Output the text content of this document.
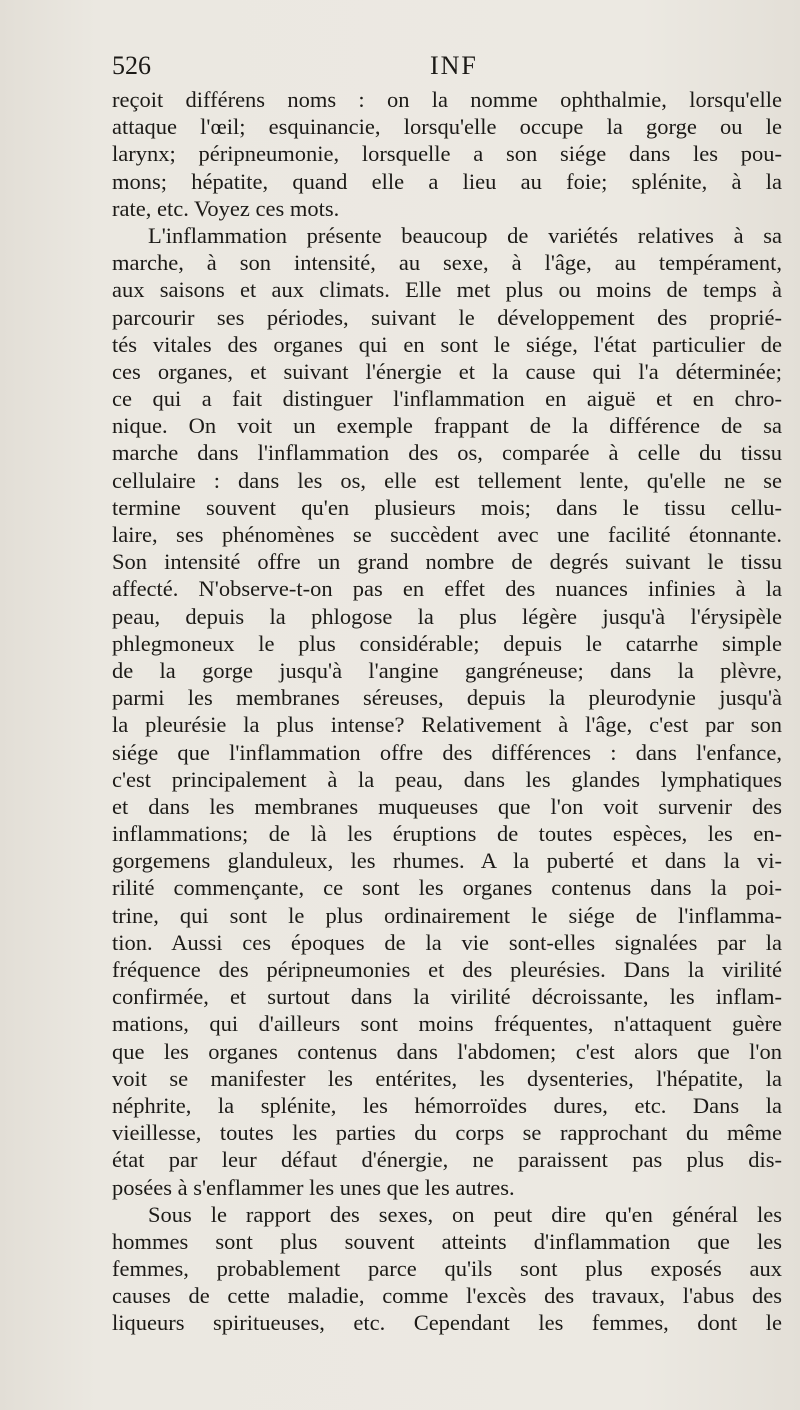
526	INF
reçoit différens noms : on la nomme ophthalmie, lorsqu'elle
attaque l'œil; esquinancie, lorsqu'elle occupe la gorge ou le
larynx; péripneumonie, lorsquelle a son siége dans les pou-
mons; hépatite, quand elle a lieu au foie; splénite, à la
rate, etc. Voyez ces mots.
L'inflammation présente beaucoup de variétés relatives à sa
marche, à son intensité, au sexe, à l'âge, au tempérament,
aux saisons et aux climats. Elle met plus ou moins de temps à
parcourir ses périodes, suivant le développement des proprié-
tés vitales des organes qui en sont le siége, l'état particulier de
ces organes, et suivant l'énergie et la cause qui l'a déterminée;
ce qui a fait distinguer l'inflammation en aiguë et en chro-
nique. On voit un exemple frappant de la différence de sa
marche dans l'inflammation des os, comparée à celle du tissu
cellulaire : dans les os, elle est tellement lente, qu'elle ne se
termine souvent qu'en plusieurs mois; dans le tissu cellu-
laire, ses phénomènes se succèdent avec une facilité étonnante.
Son intensité offre un grand nombre de degrés suivant le tissu
affecté. N'observe-t-on pas en effet des nuances infinies à la
peau, depuis la phlogose la plus légère jusqu'à l'érysipèle
phlegmoneux le plus considérable; depuis le catarrhe simple
de la gorge jusqu'à l'angine gangréneuse; dans la plèvre,
parmi les membranes séreuses, depuis la pleurodynie jusqu'à
la pleurésie la plus intense? Relativement à l'âge, c'est par son
siége que l'inflammation offre des différences : dans l'enfance,
c'est principalement à la peau, dans les glandes lymphatiques
et dans les membranes muqueuses que l'on voit survenir des
inflammations; de là les éruptions de toutes espèces, les en-
gorgemens glanduleux, les rhumes. A la puberté et dans la vi-
rilité commençante, ce sont les organes contenus dans la poi-
trine, qui sont le plus ordinairement le siége de l'inflamma-
tion. Aussi ces époques de la vie sont-elles signalées par la
fréquence des péripneumonies et des pleurésies. Dans la virilité
confirmée, et surtout dans la virilité décroissante, les inflam-
mations, qui d'ailleurs sont moins fréquentes, n'attaquent guère
que les organes contenus dans l'abdomen; c'est alors que l'on
voit se manifester les entérites, les dysenteries, l'hépatite, la
néphrite, la splénite, les hémorroïdes dures, etc. Dans la
vieillesse, toutes les parties du corps se rapprochant du même
état par leur défaut d'énergie, ne paraissent pas plus dis-
posées à s'enflammer les unes que les autres.
Sous le rapport des sexes, on peut dire qu'en général les
hommes sont plus souvent atteints d'inflammation que les
femmes, probablement parce qu'ils sont plus exposés aux
causes de cette maladie, comme l'excès des travaux, l'abus des
liqueurs spiritueuses, etc. Cependant les femmes, dont le
